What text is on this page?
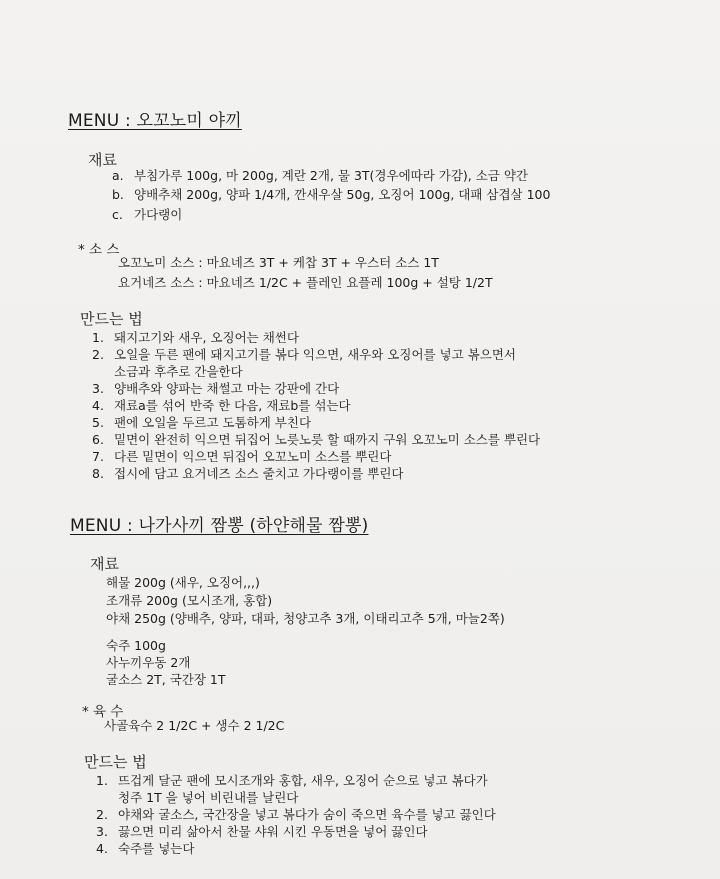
MENU : 오꼬노미 야끼
재료
a. 부침가루 100g, 마 200g, 계란 2개, 물 3T(경우에따라 가감), 소금 약간
b. 양배추채 200g, 양파 1/4개, 깐새우살 50g, 오징어 100g, 대패 삼겹살 100
c. 가다랭이
* 소 스
오꼬노미 소스 : 마요네즈 3T + 케찹 3T + 우스터 소스 1T
요거네즈 소스 : 마요네즈 1/2C + 플레인 요플레 100g + 설탕 1/2T
만드는 법
1. 돼지고기와 새우, 오징어는 채썬다
2. 오일을 두른 팬에 돼지고기를 볶다 익으면, 새우와 오징어를 넣고 볶으면서
소금과 후추로 간을한다
3. 양배추와 양파는 채썰고 마는 강판에 간다
4. 재료a를 섞어 반죽 한 다음, 재료b를 섞는다
5. 팬에 오일을 두르고 도톰하게 부친다
6. 밑면이 완전히 익으면 뒤집어 노릇노릇 할 때까지 구워 오꼬노미 소스를 뿌린다
7. 다른 밑면이 익으면 뒤집어 오꼬노미 소스를 뿌린다
8. 접시에 담고 요거네즈 소스 줄치고 가다랭이를 뿌린다
MENU : 나가사끼 짬뽕 (하얀해물 짬뽕)
재료
해물 200g (새우, 오징어,,,)
조개류 200g (모시조개, 홍합)
야채 250g (양배추, 양파, 대파, 청양고추 3개, 이태리고추 5개, 마늘2쪽)
숙주 100g
사누끼우동 2개
굴소스 2T, 국간장 1T
* 육 수
사골육수 2 1/2C + 생수 2 1/2C
만드는 법
1. 뜨겁게 달군 팬에 모시조개와 홍합, 새우, 오징어 순으로 넣고 볶다가
청주 1T 을 넣어 비린내를 날린다
2. 야채와 굴소스, 국간장을 넣고 볶다가 숨이 죽으면 육수를 넣고 끓인다
3. 끓으면 미리 삶아서 찬물 샤워 시킨 우동면을 넣어 끓인다
4. 숙주를 넣는다
